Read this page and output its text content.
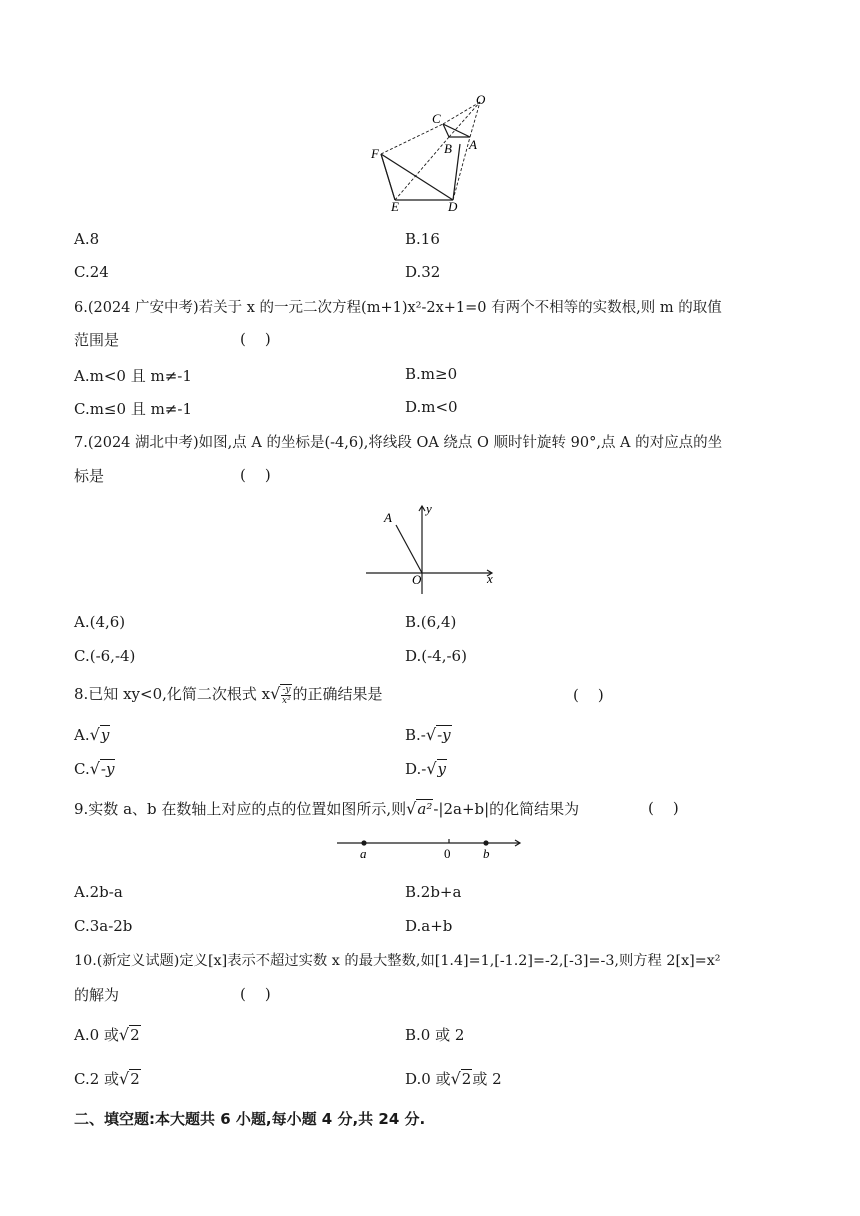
O
C
B A
F
E	D
A.8	B.16
C.24	D.32
6.(2024 广安中考)若关于 x 的一元二次方程(m+1)x²-2x+1=0 有两个不相等的实数根,则 m 的取值
范围是	(    )
A.m<0 且 m≠-1	B.m≥0
C.m≤0 且 m≠-1	D.m<0
7.(2024 湖北中考)如图,点 A 的坐标是(-4,6),将线段 OA 绕点 O 顺时针旋转 90°,点 A 的对应点的坐
标是	(    )
A
y
O	x
A.(4,6)	B.(6,4)
C.(-6,-4)	D.(-4,-6)
8.已知 xy<0,化简二次根式 $x√ \frac{-y}{\text{x²}}$ 的正确结果是	(    )
A.√y	B.-√-y
C.√-y	D.-√y
9.实数 a、b 在数轴上对应的点的位置如图所示,则√a²-|2a+b|的化简结果为	(    )
a	0	b
A.2b-a	B.2b+a
C.3a-2b	D.a+b
10.(新定义试题)定义[x]表示不超过实数 x 的最大整数,如[1.4]=1,[-1.2]=-2,[-3]=-3,则方程 2[x]=x²
的解为	(    )
A.0 或√2	B.0 或 2
C.2 或√2	D.0 或√2或 2
二、填空题:本大题共 6 小题,每小题 4 分,共 24 分.
